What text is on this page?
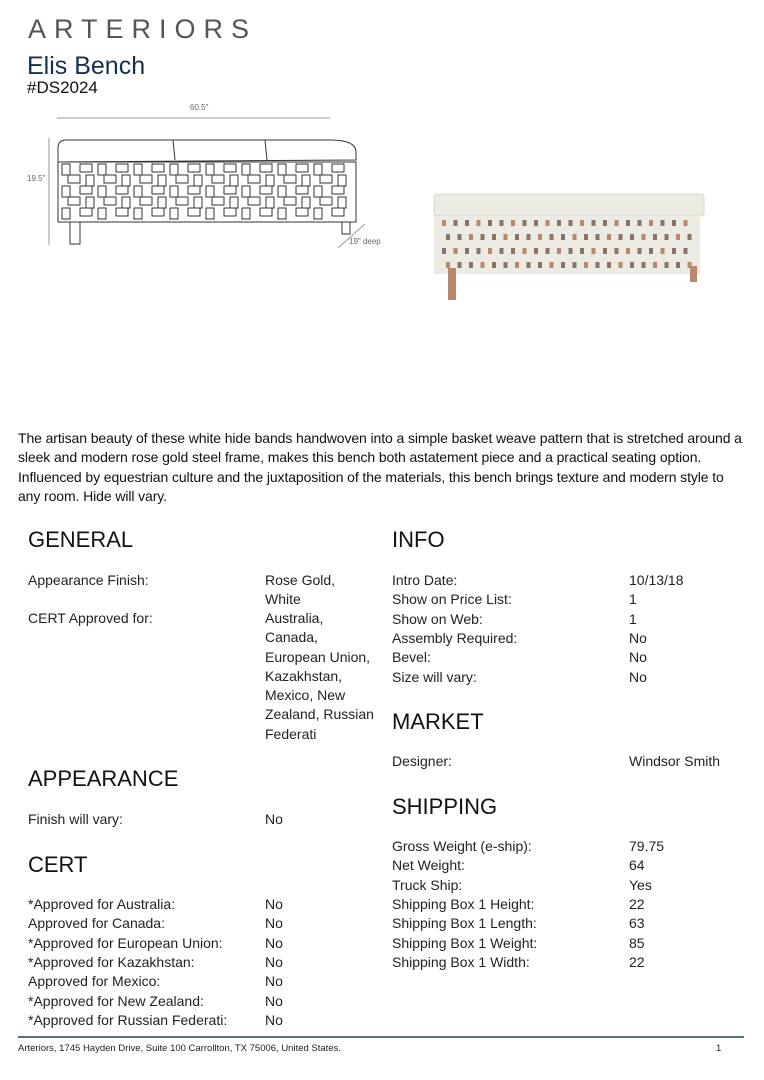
ARTERIORS
Elis Bench
#DS2024
60.5"
19.5"
19" deep
The artisan beauty of these white hide bands handwoven into a simple basket weave pattern that is stretched around a sleek and modern rose gold steel frame, makes this bench both astatement piece and a practical seating option. Influenced by equestrian culture and the juxtaposition of the materials, this bench brings texture and modern style to any room. Hide will vary.
GENERAL
Appearance Finish:	Rose Gold,
White
CERT Approved for:	Australia,
Canada,
European Union,
Kazakhstan,
Mexico, New
Zealand, Russian
Federati
APPEARANCE
Finish will vary:	No
CERT
*Approved for Australia:	No
Approved for Canada:	No
*Approved for European Union:	No
*Approved for Kazakhstan:	No
Approved for Mexico:	No
*Approved for New Zealand:	No
*Approved for Russian Federati:	No
INFO
Intro Date:	10/13/18
Show on Price List:	1
Show on Web:	1
Assembly Required:	No
Bevel:	No
Size will vary:	No
MARKET
Designer:	Windsor Smith
SHIPPING
Gross Weight (e-ship):	79.75
Net Weight:	64
Truck Ship:	Yes
Shipping Box 1 Height:	22
Shipping Box 1 Length:	63
Shipping Box 1 Weight:	85
Shipping Box 1 Width:	22
Arteriors, 1745 Hayden Drive, Suite 100 Carrollton, TX 75006, United States.	1
